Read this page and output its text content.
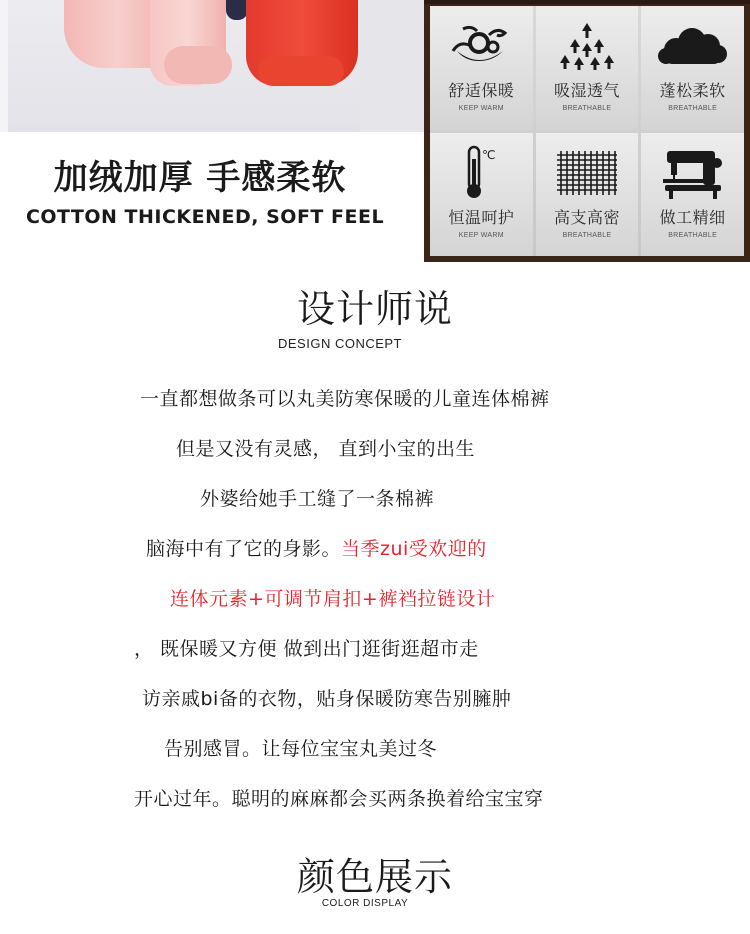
加绒加厚 手感柔软
COTTON THICKENED, SOFT FEEL
舒适保暖
KEEP WARM
吸湿透气
BREATHABLE
蓬松柔软
BREATHABLE
℃
恒温呵护
KEEP WARM
高支高密
BREATHABLE
做工精细
BREATHABLE
设计师说
DESIGN CONCEPT
一直都想做条可以丸美防寒保暖的儿童连体棉裤
但是又没有灵感， 直到小宝的出生
外婆给她手工缝了一条棉裤
脑海中有了它的身影。当季zui受欢迎的
连体元素+可调节肩扣+裤裆拉链设计
， 既保暖又方便 做到出门逛街逛超市走
访亲戚bi备的衣物，贴身保暖防寒告别臃肿
告别感冒。让每位宝宝丸美过冬
开心过年。聪明的麻麻都会买两条换着给宝宝穿
颜色展示
COLOR DISPLAY
